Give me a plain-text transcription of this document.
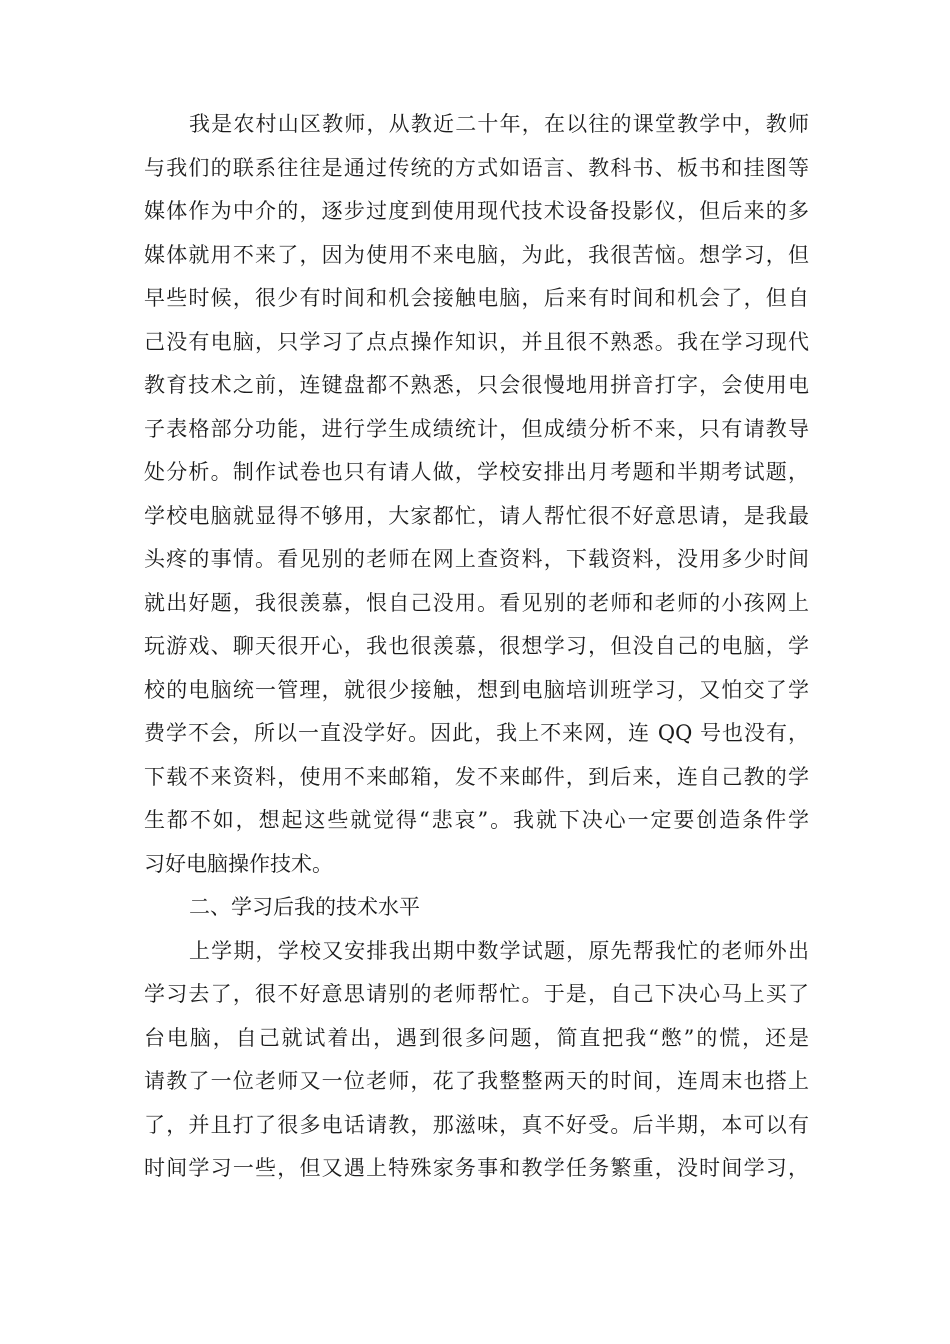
我是农村山区教师，从教近二十年，在以往的课堂教学中，教师
与我们的联系往往是通过传统的方式如语言、教科书、板书和挂图等
媒体作为中介的，逐步过度到使用现代技术设备投影仪，但后来的多
媒体就用不来了，因为使用不来电脑，为此，我很苦恼。想学习，但
早些时候，很少有时间和机会接触电脑，后来有时间和机会了，但自
己没有电脑，只学习了点点操作知识，并且很不熟悉。我在学习现代
教育技术之前，连键盘都不熟悉，只会很慢地用拼音打字，会使用电
子表格部分功能，进行学生成绩统计，但成绩分析不来，只有请教导
处分析。制作试卷也只有请人做，学校安排出月考题和半期考试题，
学校电脑就显得不够用，大家都忙，请人帮忙很不好意思请，是我最
头疼的事情。看见别的老师在网上查资料，下载资料，没用多少时间
就出好题，我很羡慕，恨自己没用。看见别的老师和老师的小孩网上
玩游戏、聊天很开心，我也很羡慕，很想学习，但没自己的电脑，学
校的电脑统一管理，就很少接触，想到电脑培训班学习，又怕交了学
费学不会，所以一直没学好。因此，我上不来网，连 QQ 号也没有，
下载不来资料，使用不来邮箱，发不来邮件，到后来，连自己教的学
生都不如，想起这些就觉得“悲哀”。我就下决心一定要创造条件学
习好电脑操作技术。
二、学习后我的技术水平
上学期，学校又安排我出期中数学试题，原先帮我忙的老师外出
学习去了，很不好意思请别的老师帮忙。于是，自己下决心马上买了
台电脑，自己就试着出，遇到很多问题，简直把我“憋”的慌，还是
请教了一位老师又一位老师，花了我整整两天的时间，连周末也搭上
了，并且打了很多电话请教，那滋味，真不好受。后半期，本可以有
时间学习一些，但又遇上特殊家务事和教学任务繁重，没时间学习，
